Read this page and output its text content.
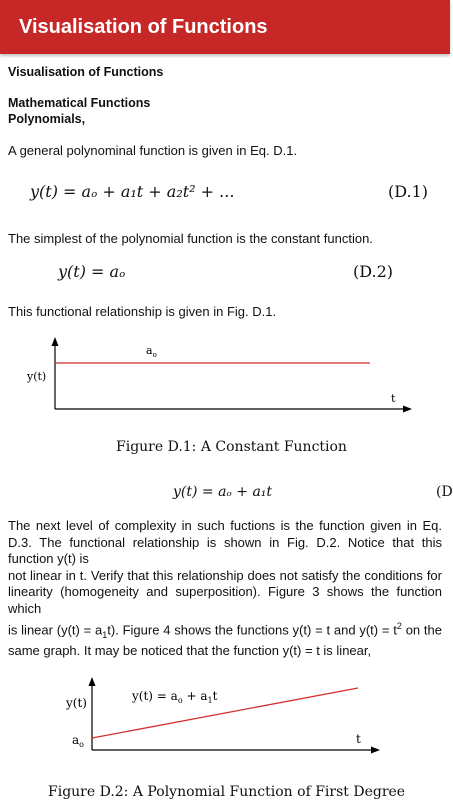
Visualisation of Functions
Visualisation of Functions
Mathematical Functions
Polynomials,
A general polynominal function is given in Eq. D.1.
y(t) = aₒ + a₁t + a₂t² + ...	(D.1)
The simplest of the polynomial function is the constant function.
y(t) = aₒ	(D.2)
This functional relationship is given in Fig. D.1.
y(t)
t
$a_o$
Figure D.1: A Constant Function
y(t) = aₒ + a₁t	(D
The next level of complexity in such fuctions is the function given in Eq. D.3. The functional relationship is shown in Fig. D.2. Notice that this function y(t) is
not linear in t. Verify that this relationship does not satisfy the conditions for linearity (homogeneity and superposition). Figure 3 shows the function which
is linear $(y(t) = a_1t)$. Figure 4 shows the functions y(t) = t and $y(t) = t^2$ on the same graph. It may be noticed that the function y(t) = t is linear,
y(t)
t
$a_o$
$y(t) = a_o + a_1t$
Figure D.2: A Polynomial Function of First Degree
